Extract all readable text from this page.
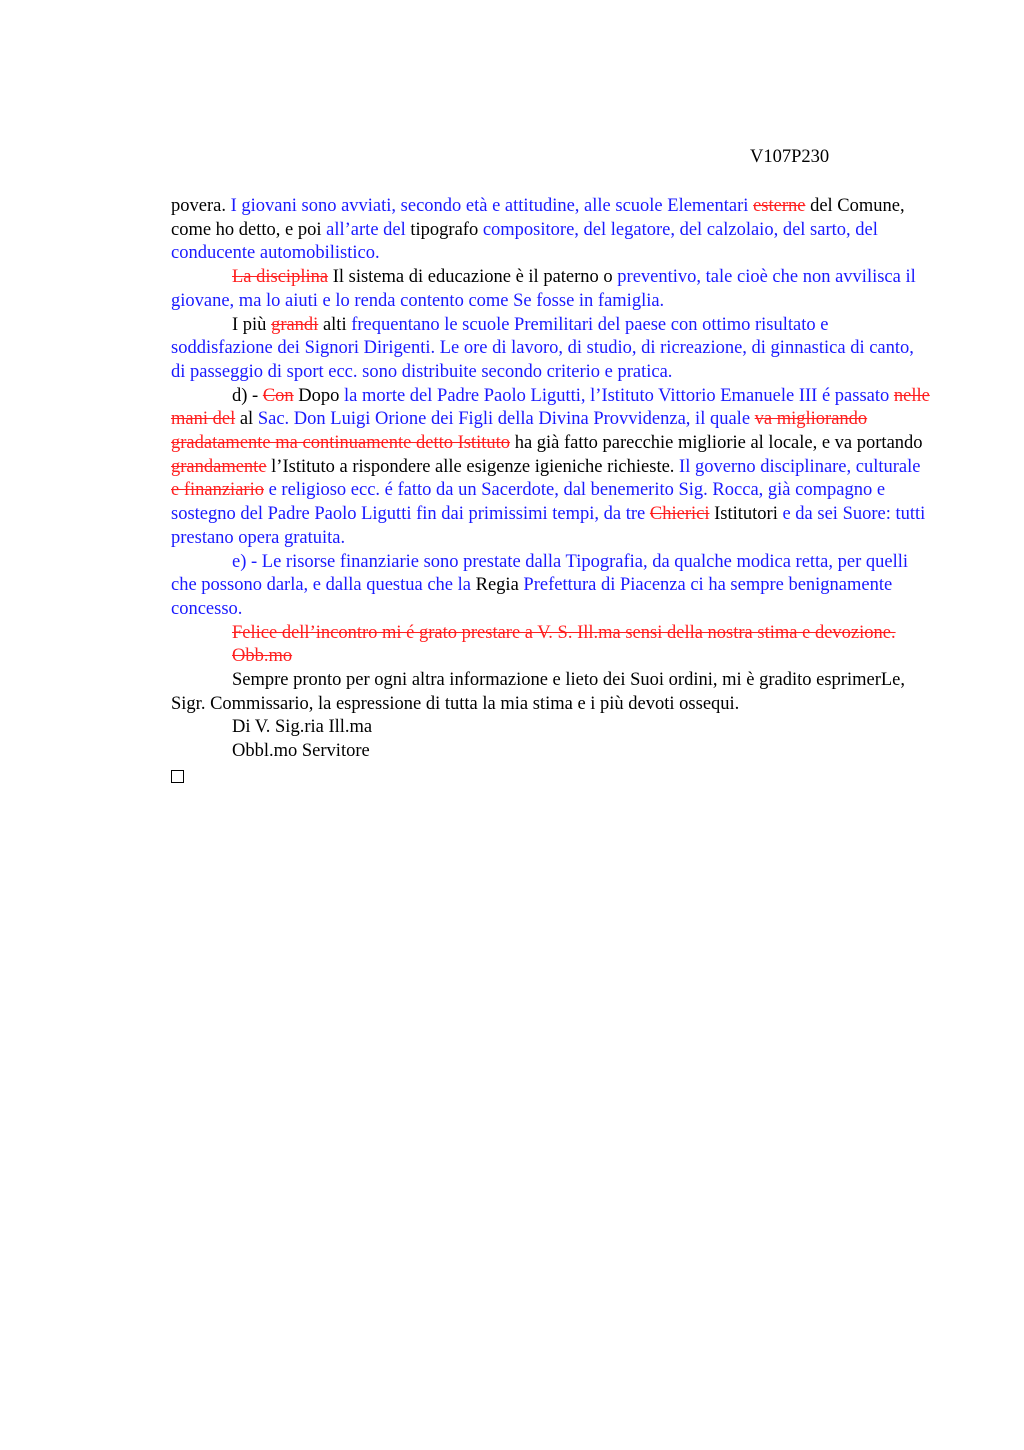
V107P230

povera. I giovani sono avviati, secondo età e attitudine, alle scuole Elementari esterne del Comune, come ho detto, e poi all’arte del tipografo compositore, del legatore, del calzolaio, del sarto, del conducente automobilistico.

La disciplina Il sistema di educazione è il paterno o preventivo, tale cioè che non avvilisca il giovane, ma lo aiuti e lo renda contento come Se fosse in famiglia.

I più grandi alti frequentano le scuole Premilitari del paese con ottimo risultato e soddisfazione dei Signori Dirigenti. Le ore di lavoro, di studio, di ricreazione, di ginnastica di canto, di passeggio di sport ecc. sono distribuite secondo criterio e pratica.

d) - Con Dopo la morte del Padre Paolo Ligutti, l’Istituto Vittorio Emanuele III é passato nelle mani del al Sac. Don Luigi Orione dei Figli della Divina Provvidenza, il quale va migliorando gradatamente ma continuamente detto Istituto ha già fatto parecchie migliorie al locale, e va portando grandamente l’Istituto a rispondere alle esigenze igieniche richieste. Il governo disciplinare, culturale e finanziario e religioso ecc. é fatto da un Sacerdote, dal benemerito Sig. Rocca, già compagno e sostegno del Padre Paolo Ligutti fin dai primissimi tempi, da tre Chierici Istitutori e da sei Suore: tutti prestano opera gratuita.

e) - Le risorse finanziarie sono prestate dalla Tipografia, da qualche modica retta, per quelli che possono darla, e dalla questua che la Regia Prefettura di Piacenza ci ha sempre benignamente concesso.

Felice dell’incontro mi é grato prestare a V. S. Ill.ma sensi della nostra stima e devozione.

Obb.mo

Sempre pronto per ogni altra informazione e lieto dei Suoi ordini, mi è gradito esprimerLe, Sigr. Commissario, la espressione di tutta la mia stima e i più devoti ossequi.

Di V. Sig.ria Ill.ma

Obbl.mo Servitore
